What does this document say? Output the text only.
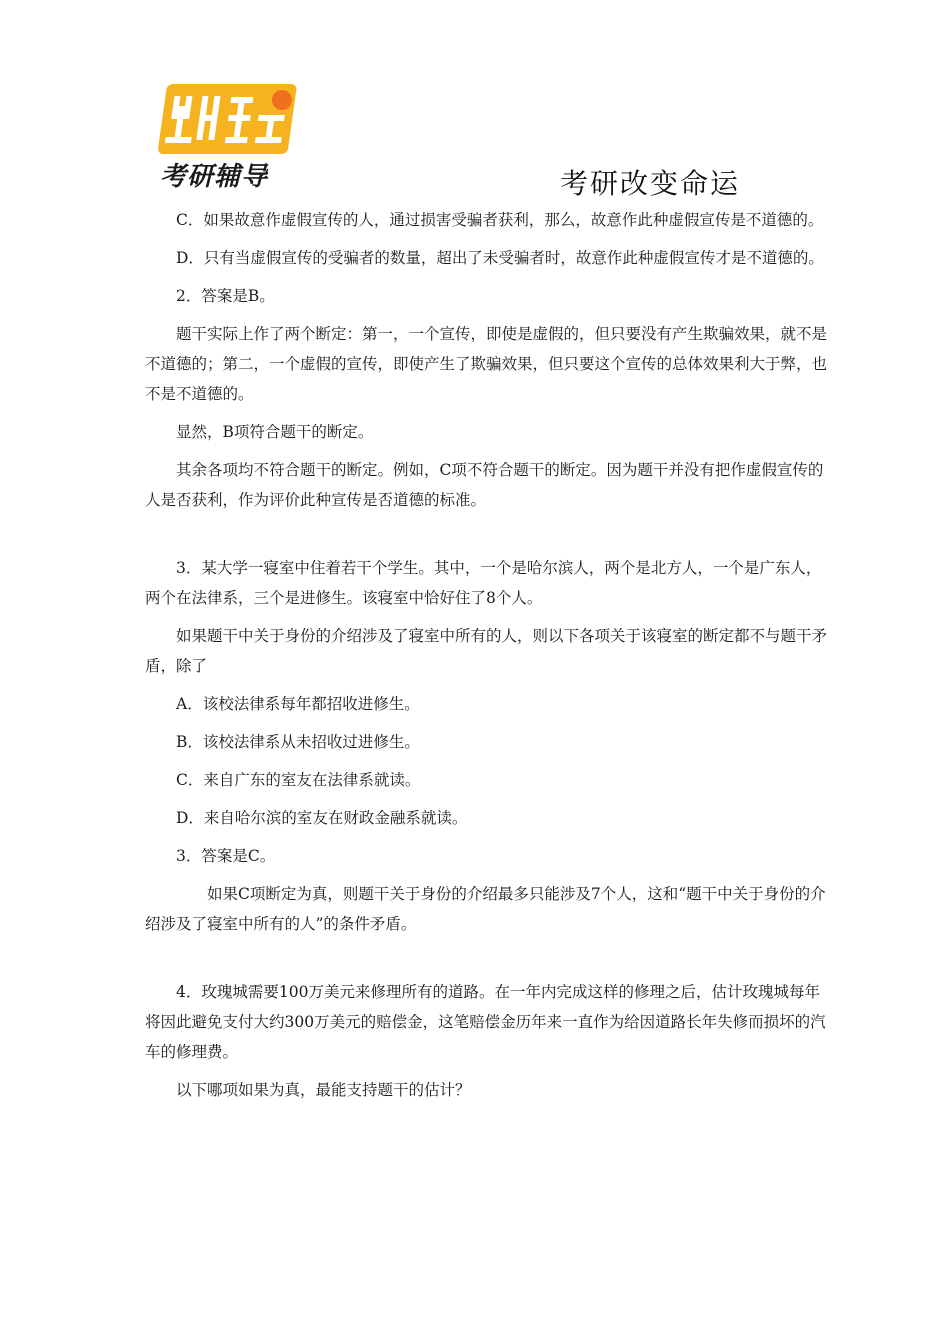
考研辅导	考研改变命运

C．如果故意作虚假宣传的人，通过损害受骗者获利，那么，故意作此种虚假宣传是不道德的。

D．只有当虚假宣传的受骗者的数量，超出了未受骗者时，故意作此种虚假宣传才是不道德的。

2．答案是B。

题干实际上作了两个断定：第一，一个宣传，即使是虚假的，但只要没有产生欺骗效果，就不是不道德的；第二，一个虚假的宣传，即使产生了欺骗效果，但只要这个宣传的总体效果利大于弊，也不是不道德的。

显然，B项符合题干的断定。

其余各项均不符合题干的断定。例如，C项不符合题干的断定。因为题干并没有把作虚假宣传的人是否获利，作为评价此种宣传是否道德的标准。

3．某大学一寝室中住着若干个学生。其中，一个是哈尔滨人，两个是北方人，一个是广东人，两个在法律系，三个是进修生。该寝室中恰好住了8个人。

如果题干中关于身份的介绍涉及了寝室中所有的人，则以下各项关于该寝室的断定都不与题干矛盾，除了

A．该校法律系每年都招收进修生。

B．该校法律系从未招收过进修生。

C．来自广东的室友在法律系就读。

D．来自哈尔滨的室友在财政金融系就读。

3．答案是C。

如果C项断定为真，则题干关于身份的介绍最多只能涉及7个人，这和“题干中关于身份的介绍涉及了寝室中所有的人”的条件矛盾。

4．玫瑰城需要100万美元来修理所有的道路。在一年内完成这样的修理之后，估计玫瑰城每年将因此避免支付大约300万美元的赔偿金，这笔赔偿金历年来一直作为给因道路长年失修而损坏的汽车的修理费。

以下哪项如果为真，最能支持题干的估计？
